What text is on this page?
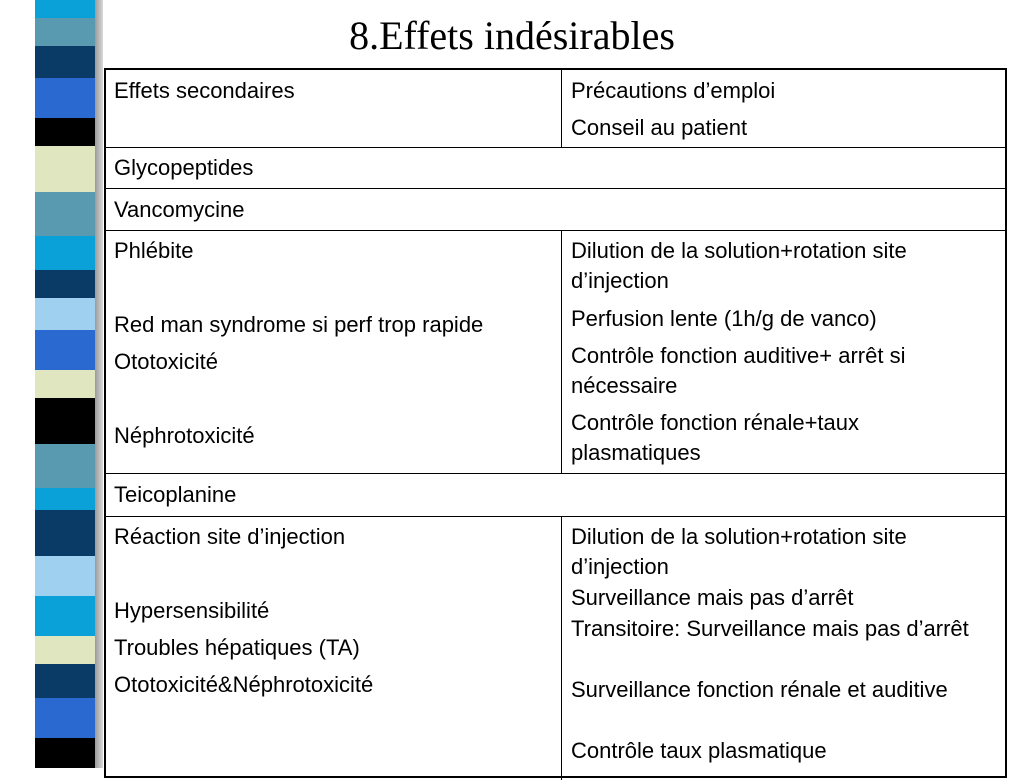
8.Effets indésirables
Effets secondaires	Précautions d’emploi
Conseil au patient
Glycopeptides
Vancomycine
Phlébite
Red man syndrome si perf trop rapide
Ototoxicité
Néphrotoxicité
Dilution de la solution+rotation site d’injection
Perfusion lente (1h/g de vanco)
Contrôle fonction auditive+ arrêt si nécessaire
Contrôle fonction rénale+taux plasmatiques
Teicoplanine
Réaction site d’injection
Hypersensibilité
Troubles hépatiques (TA)
Ototoxicité&Néphrotoxicité
Dilution de la solution+rotation site d’injection
Surveillance mais pas d’arrêt
Transitoire: Surveillance mais pas d’arrêt
Surveillance fonction rénale et auditive
Contrôle taux plasmatique
